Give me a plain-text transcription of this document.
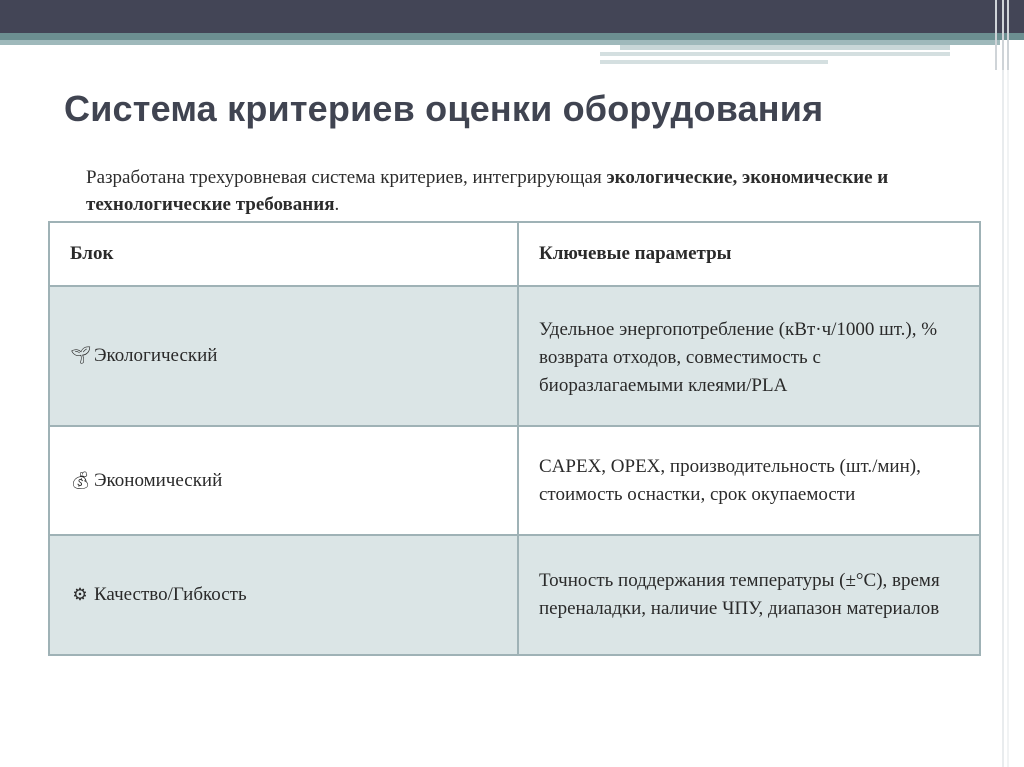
Система критериев оценки оборудования

Разработана трехуровневая система критериев, интегрирующая экологические, экономические и технологические требования.

Блок	Ключевые параметры
🌱︎ Экологический	Удельное энергопотребление (кВт·ч/1000 шт.), % возврата отходов, совместимость с биоразлагаемыми клеями/PLA
💰︎ Экономический	CAPEX, OPEX, производительность (шт./мин), стоимость оснастки, срок окупаемости
⚙︎ Качество/Гибкость	Точность поддержания температуры (±°C), время переналадки, наличие ЧПУ, диапазон материалов
